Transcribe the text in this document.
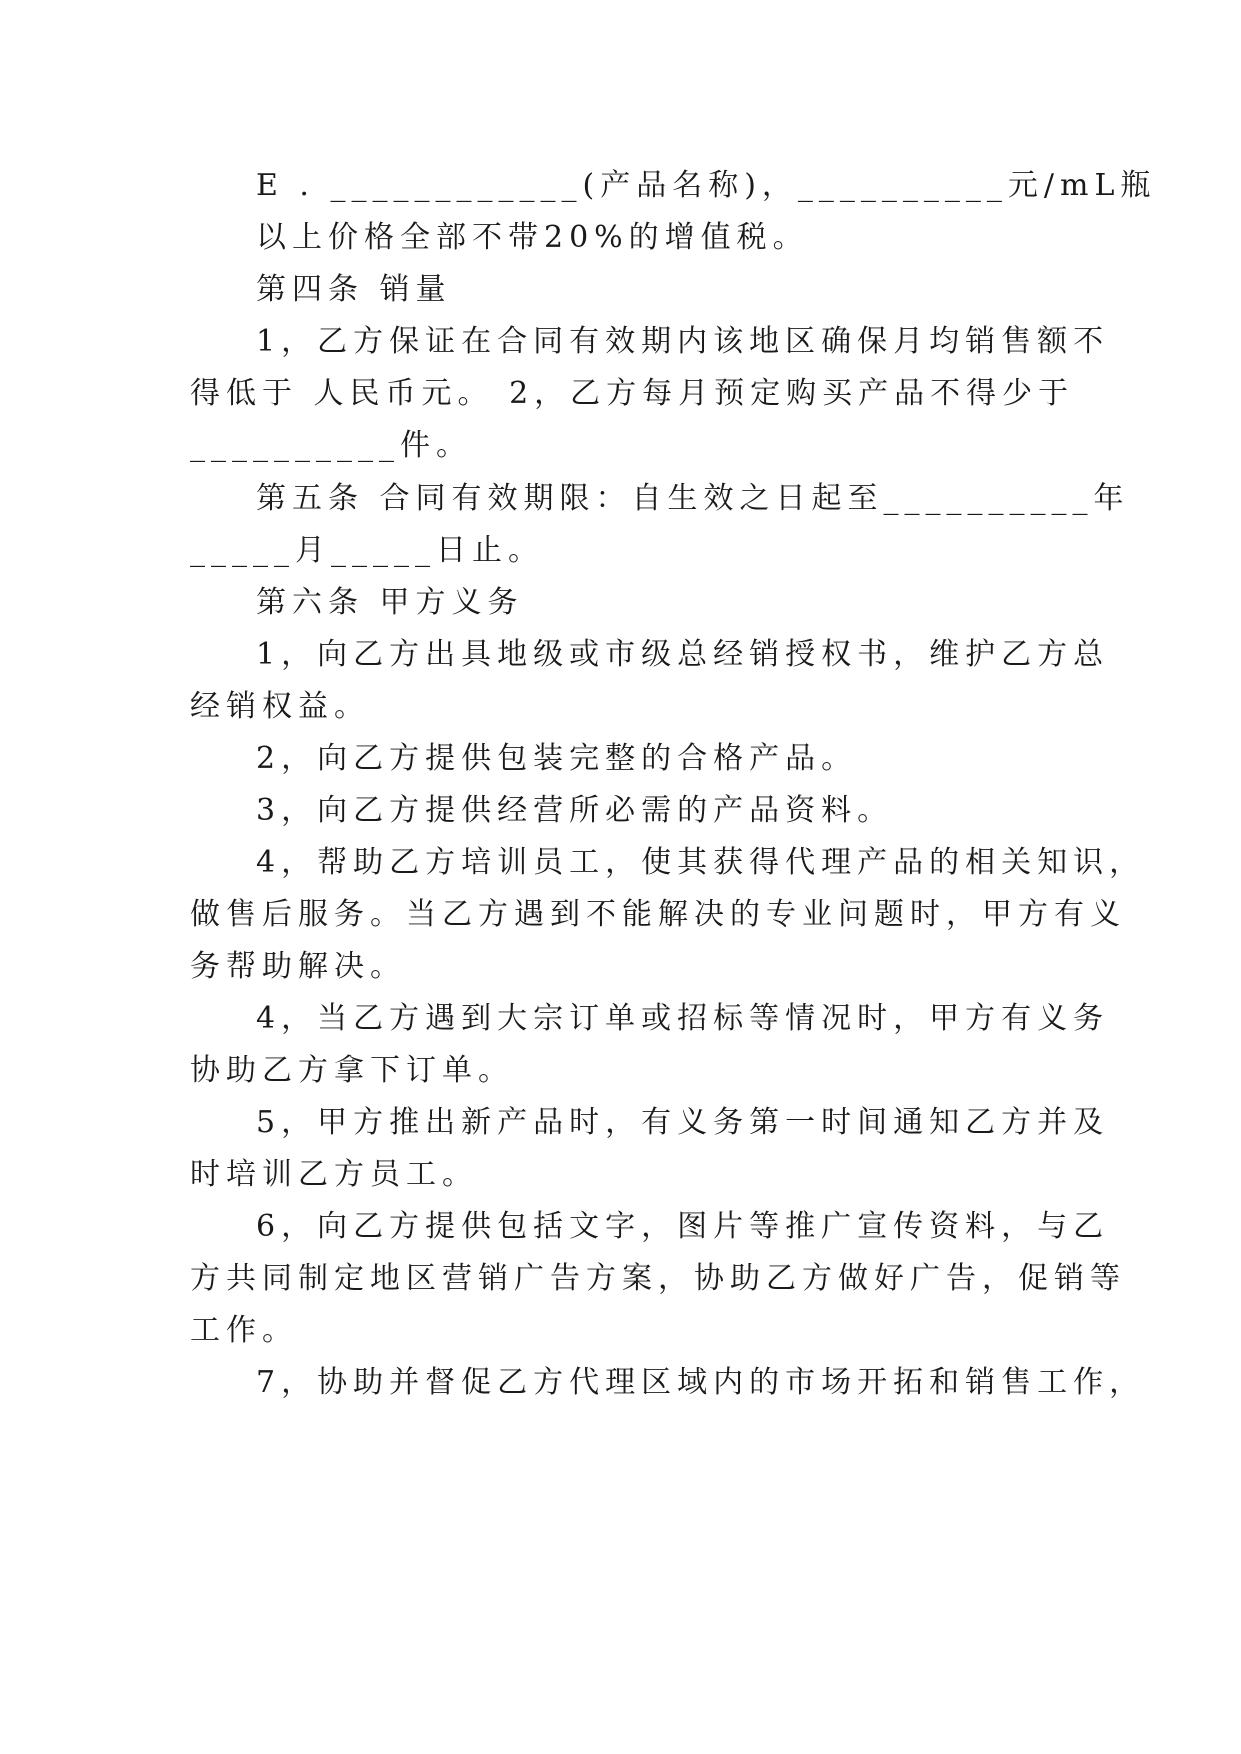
E . ____________(产品名称)，__________元/mL瓶
以上价格全部不带20%的增值税。
第四条 销量
1，乙方保证在合同有效期内该地区确保月均销售额不
得低于 人民币元。 2，乙方每月预定购买产品不得少于
__________件。
第五条 合同有效期限：自生效之日起至__________年
_____月_____日止。
第六条 甲方义务
1，向乙方出具地级或市级总经销授权书，维护乙方总
经销权益。
2，向乙方提供包装完整的合格产品。
3，向乙方提供经营所必需的产品资料。
4，帮助乙方培训员工，使其获得代理产品的相关知识，
做售后服务。当乙方遇到不能解决的专业问题时，甲方有义
务帮助解决。
4，当乙方遇到大宗订单或招标等情况时，甲方有义务
协助乙方拿下订单。
5，甲方推出新产品时，有义务第一时间通知乙方并及
时培训乙方员工。
6，向乙方提供包括文字，图片等推广宣传资料，与乙
方共同制定地区营销广告方案，协助乙方做好广告，促销等
工作。
7，协助并督促乙方代理区域内的市场开拓和销售工作，
